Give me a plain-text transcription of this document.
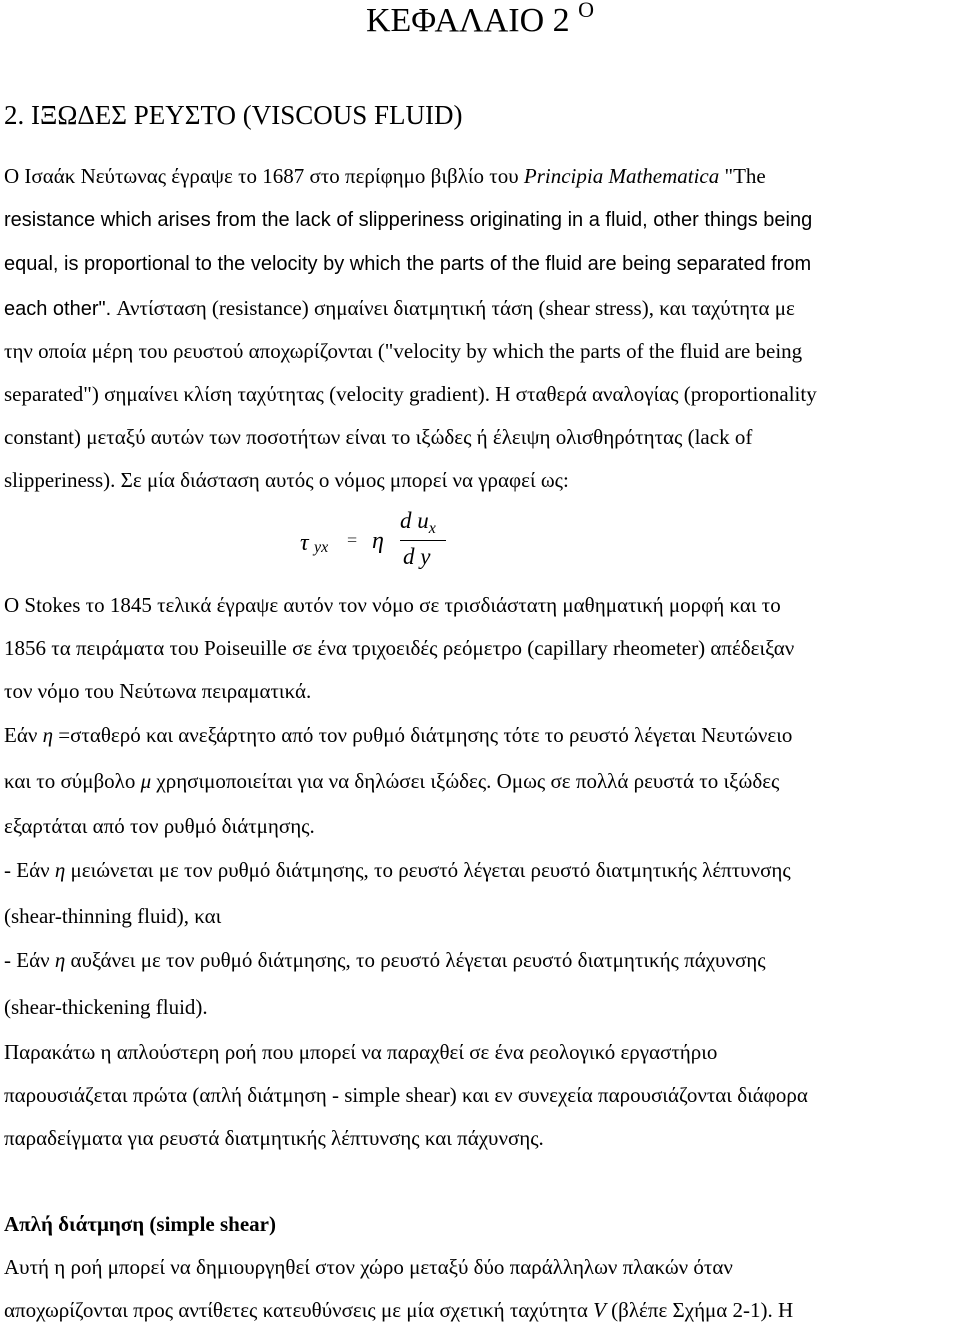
ΚΕΦΑΛΑΙΟ 2 $^O$
2. ΙΞΩΔΕΣ ΡΕΥΣΤΟ (VISCOUS FLUID)
Ο Ισαάκ Νεύτωνας έγραψε το 1687 στο περίφημο βιβλίο του Principia Mathematica "The
resistance which arises from the lack of slipperiness originating in a fluid, other things being
equal, is proportional to the velocity by which the parts of the fluid are being separated from
each other". Αντίσταση (resistance) σημαίνει διατμητική τάση (shear stress), και ταχύτητα με
την οποία μέρη του ρευστού αποχωρίζονται ("velocity by which the parts of the fluid are being
separated") σημαίνει κλίση ταχύτητας (velocity gradient). Η σταθερά αναλογίας (proportionality
constant) μεταξύ αυτών των ποσοτήτων είναι το ιξώδες ή έλειψη ολισθηρότητας (lack of
slipperiness). Σε μία διάσταση αυτός ο νόμος μπορεί να γραφεί ως:
τ yx = η
d $u_x$
d y
Ο Stokes το 1845 τελικά έγραψε αυτόν τον νόμο σε τρισδιάστατη μαθηματική μορφή και το
1856 τα πειράματα του Poiseuille σε ένα τριχοειδές ρεόμετρο (capillary rheometer) απέδειξαν
τον νόμο του Νεύτωνα πειραματικά.
Εάν η =σταθερό και ανεξάρτητο από τον ρυθμό διάτμησης τότε το ρευστό λέγεται Νευτώνειο
και το σύμβολο μ χρησιμοποιείται για να δηλώσει ιξώδες. Ομως σε πολλά ρευστά το ιξώδες
εξαρτάται από τον ρυθμό διάτμησης.
- Εάν η μειώνεται με τον ρυθμό διάτμησης, το ρευστό λέγεται ρευστό διατμητικής λέπτυνσης
(shear-thinning fluid), και
- Εάν η αυξάνει με τον ρυθμό διάτμησης, το ρευστό λέγεται ρευστό διατμητικής πάχυνσης
(shear-thickening fluid).
Παρακάτω η απλούστερη ροή που μπορεί να παραχθεί σε ένα ρεολογικό εργαστήριο
παρουσιάζεται πρώτα (απλή διάτμηση - simple shear) και εν συνεχεία παρουσιάζονται διάφορα
παραδείγματα για ρευστά διατμητικής λέπτυνσης και πάχυνσης.
Απλή διάτμηση (simple shear)
Αυτή η ροή μπορεί να δημιουργηθεί στον χώρο μεταξύ δύο παράλληλων πλακών όταν
αποχωρίζονται προς αντίθετες κατευθύνσεις με μία σχετική ταχύτητα V (βλέπε Σχήμα 2-1). Η
